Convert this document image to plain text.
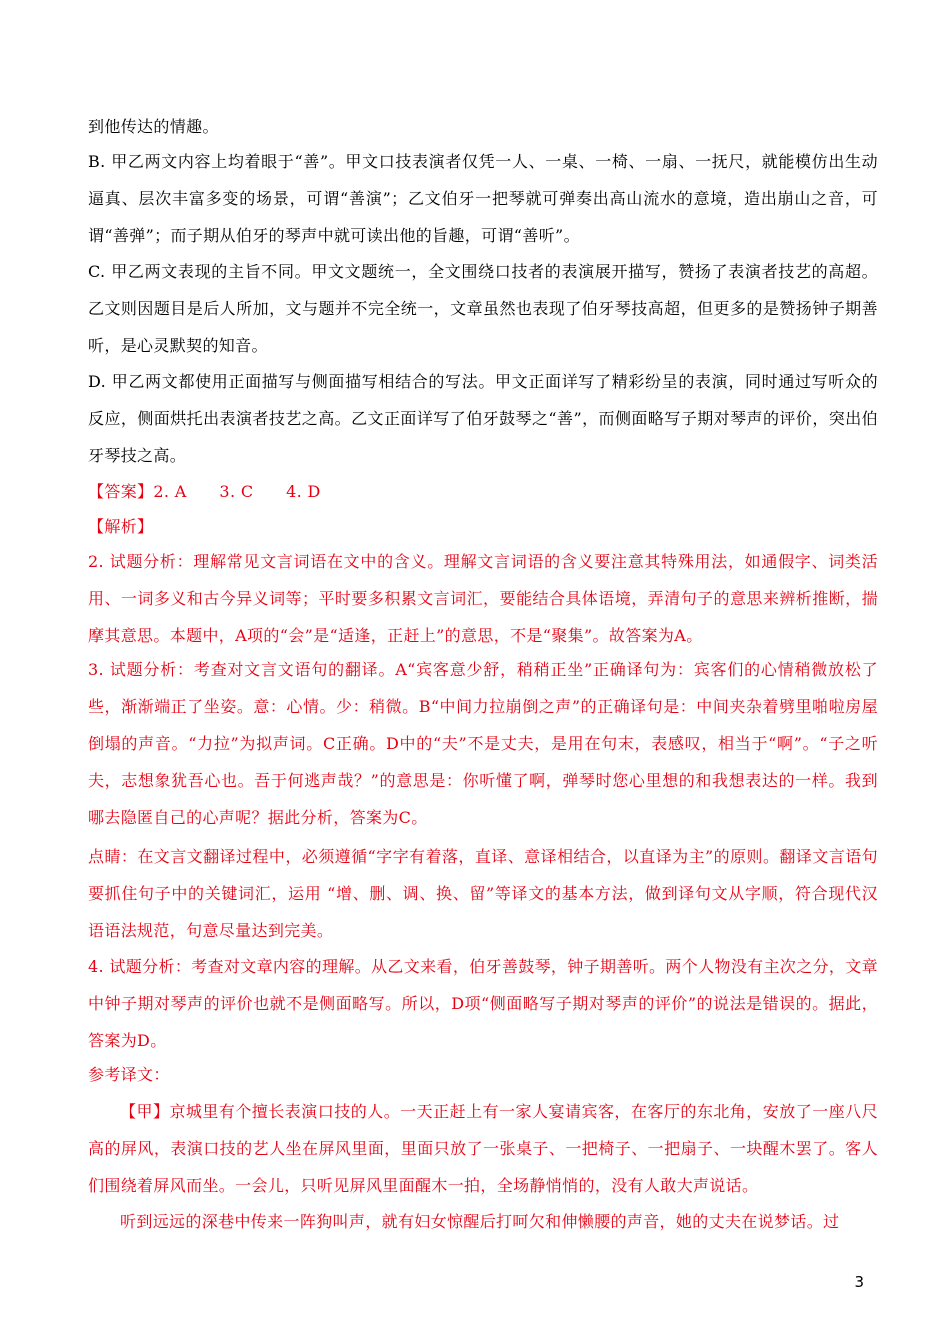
到他传达的情趣。

B. 甲乙两文内容上均着眼于“善”。甲文口技表演者仅凭一人、一桌、一椅、一扇、一抚尺，就能模仿出生动逼真、层次丰富多变的场景，可谓“善演”；乙文伯牙一把琴就可弹奏出高山流水的意境，造出崩山之音，可谓“善弹”；而子期从伯牙的琴声中就可读出他的旨趣，可谓“善听”。

C. 甲乙两文表现的主旨不同。甲文文题统一，全文围绕口技者的表演展开描写，赞扬了表演者技艺的高超。乙文则因题目是后人所加，文与题并不完全统一，文章虽然也表现了伯牙琴技高超，但更多的是赞扬钟子期善听，是心灵默契的知音。

D. 甲乙两文都使用正面描写与侧面描写相结合的写法。甲文正面详写了精彩纷呈的表演，同时通过写听众的反应，侧面烘托出表演者技艺之高。乙文正面详写了伯牙鼓琴之“善”，而侧面略写子期对琴声的评价，突出伯牙琴技之高。

【答案】2. A　　3. C　　4. D

【解析】

2. 试题分析：理解常见文言词语在文中的含义。理解文言词语的含义要注意其特殊用法，如通假字、词类活用、一词多义和古今异义词等；平时要多积累文言词汇，要能结合具体语境，弄清句子的意思来辨析推断，揣摩其意思。本题中，A项的“会”是“适逢，正赶上”的意思，不是“聚集”。故答案为A。

3. 试题分析：考查对文言文语句的翻译。A“宾客意少舒，稍稍正坐”正确译句为：宾客们的心情稍微放松了些，渐渐端正了坐姿。意：心情。少：稍微。B“中间力拉崩倒之声”的正确译句是：中间夹杂着劈里啪啦房屋倒塌的声音。“力拉”为拟声词。C正确。D中的“夫”不是丈夫，是用在句末，表感叹，相当于“啊”。“子之听夫，志想象犹吾心也。吾于何逃声哉？”的意思是：你听懂了啊，弹琴时您心里想的和我想表达的一样。我到哪去隐匿自己的心声呢？据此分析，答案为C。

点睛：在文言文翻译过程中，必须遵循“字字有着落，直译、意译相结合，以直译为主”的原则。翻译文言语句要抓住句子中的关键词汇，运用 “增、删、调、换、留”等译文的基本方法，做到译句文从字顺，符合现代汉语语法规范，句意尽量达到完美。

4. 试题分析：考查对文章内容的理解。从乙文来看，伯牙善鼓琴，钟子期善听。两个人物没有主次之分，文章中钟子期对琴声的评价也就不是侧面略写。所以，D项“侧面略写子期对琴声的评价”的说法是错误的。据此，答案为D。

参考译文：

【甲】京城里有个擅长表演口技的人。一天正赶上有一家人宴请宾客，在客厅的东北角，安放了一座八尺高的屏风，表演口技的艺人坐在屏风里面，里面只放了一张桌子、一把椅子、一把扇子、一块醒木罢了。客人们围绕着屏风而坐。一会儿，只听见屏风里面醒木一拍，全场静悄悄的，没有人敢大声说话。

听到远远的深巷中传来一阵狗叫声，就有妇女惊醒后打呵欠和伸懒腰的声音，她的丈夫在说梦话。过

3
